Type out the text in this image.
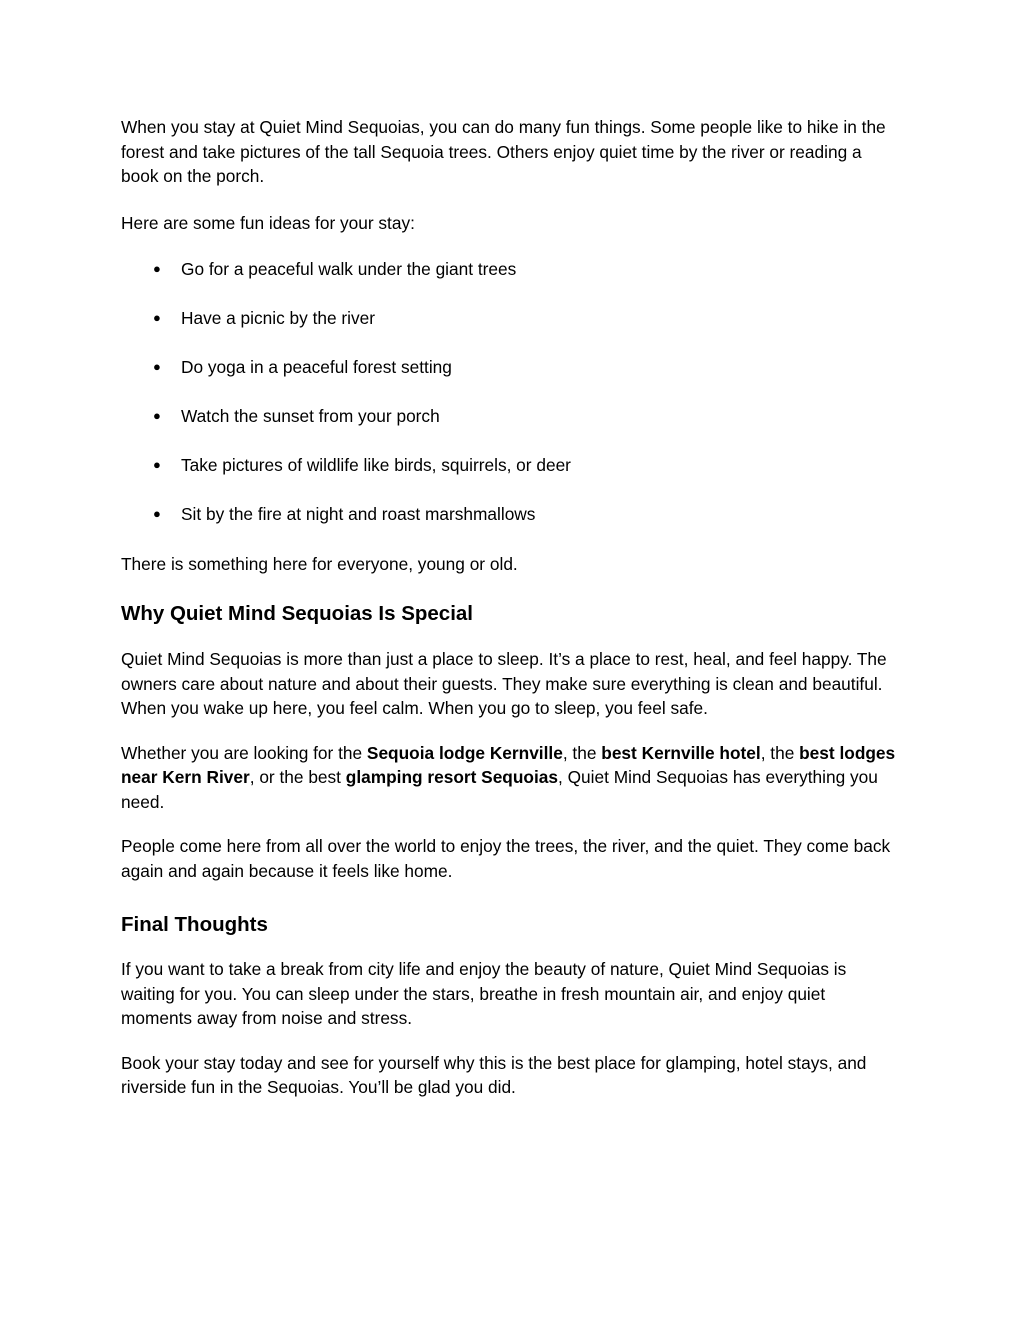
When you stay at Quiet Mind Sequoias, you can do many fun things. Some people like to hike in the forest and take pictures of the tall Sequoia trees. Others enjoy quiet time by the river or reading a book on the porch.

Here are some fun ideas for your stay:

● Go for a peaceful walk under the giant trees
● Have a picnic by the river
● Do yoga in a peaceful forest setting
● Watch the sunset from your porch
● Take pictures of wildlife like birds, squirrels, or deer
● Sit by the fire at night and roast marshmallows

There is something here for everyone, young or old.

Why Quiet Mind Sequoias Is Special

Quiet Mind Sequoias is more than just a place to sleep. It’s a place to rest, heal, and feel happy. The owners care about nature and about their guests. They make sure everything is clean and beautiful. When you wake up here, you feel calm. When you go to sleep, you feel safe.

Whether you are looking for the Sequoia lodge Kernville, the best Kernville hotel, the best lodges near Kern River, or the best glamping resort Sequoias, Quiet Mind Sequoias has everything you need.

People come here from all over the world to enjoy the trees, the river, and the quiet. They come back again and again because it feels like home.

Final Thoughts

If you want to take a break from city life and enjoy the beauty of nature, Quiet Mind Sequoias is waiting for you. You can sleep under the stars, breathe in fresh mountain air, and enjoy quiet moments away from noise and stress.

Book your stay today and see for yourself why this is the best place for glamping, hotel stays, and riverside fun in the Sequoias. You’ll be glad you did.
